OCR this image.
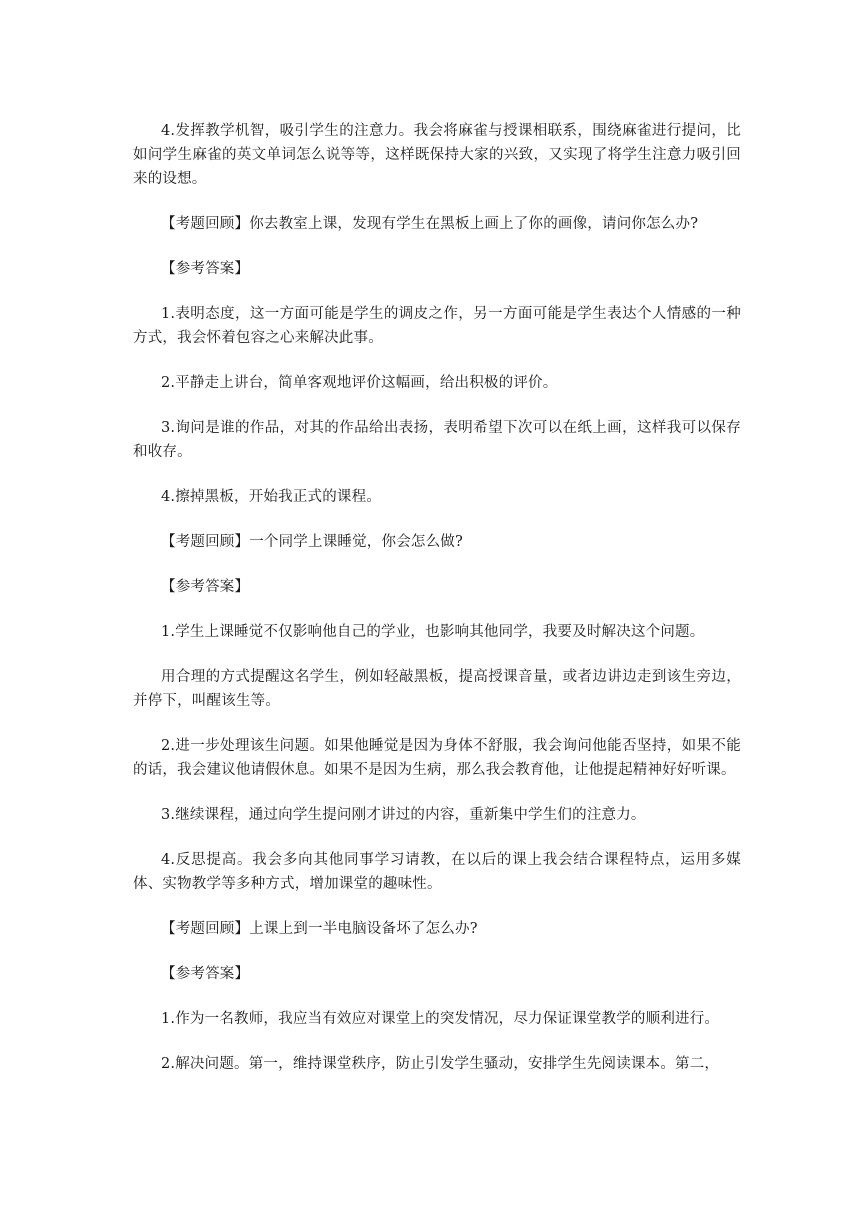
4.发挥教学机智，吸引学生的注意力。我会将麻雀与授课相联系，围绕麻雀进行提问，比如问学生麻雀的英文单词怎么说等等，这样既保持大家的兴致，又实现了将学生注意力吸引回来的设想。

【考题回顾】你去教室上课，发现有学生在黑板上画上了你的画像，请问你怎么办?

【参考答案】

1.表明态度，这一方面可能是学生的调皮之作，另一方面可能是学生表达个人情感的一种方式，我会怀着包容之心来解决此事。

2.平静走上讲台，简单客观地评价这幅画，给出积极的评价。

3.询问是谁的作品，对其的作品给出表扬，表明希望下次可以在纸上画，这样我可以保存和收存。

4.擦掉黑板，开始我正式的课程。

【考题回顾】一个同学上课睡觉，你会怎么做?

【参考答案】

1.学生上课睡觉不仅影响他自己的学业，也影响其他同学，我要及时解决这个问题。

用合理的方式提醒这名学生，例如轻敲黑板，提高授课音量，或者边讲边走到该生旁边，并停下，叫醒该生等。

2.进一步处理该生问题。如果他睡觉是因为身体不舒服，我会询问他能否坚持，如果不能的话，我会建议他请假休息。如果不是因为生病，那么我会教育他，让他提起精神好好听课。

3.继续课程，通过向学生提问刚才讲过的内容，重新集中学生们的注意力。

4.反思提高。我会多向其他同事学习请教，在以后的课上我会结合课程特点，运用多媒体、实物教学等多种方式，增加课堂的趣味性。

【考题回顾】上课上到一半电脑设备坏了怎么办?

【参考答案】

1.作为一名教师，我应当有效应对课堂上的突发情况，尽力保证课堂教学的顺利进行。

2.解决问题。第一，维持课堂秩序，防止引发学生骚动，安排学生先阅读课本。第二，
